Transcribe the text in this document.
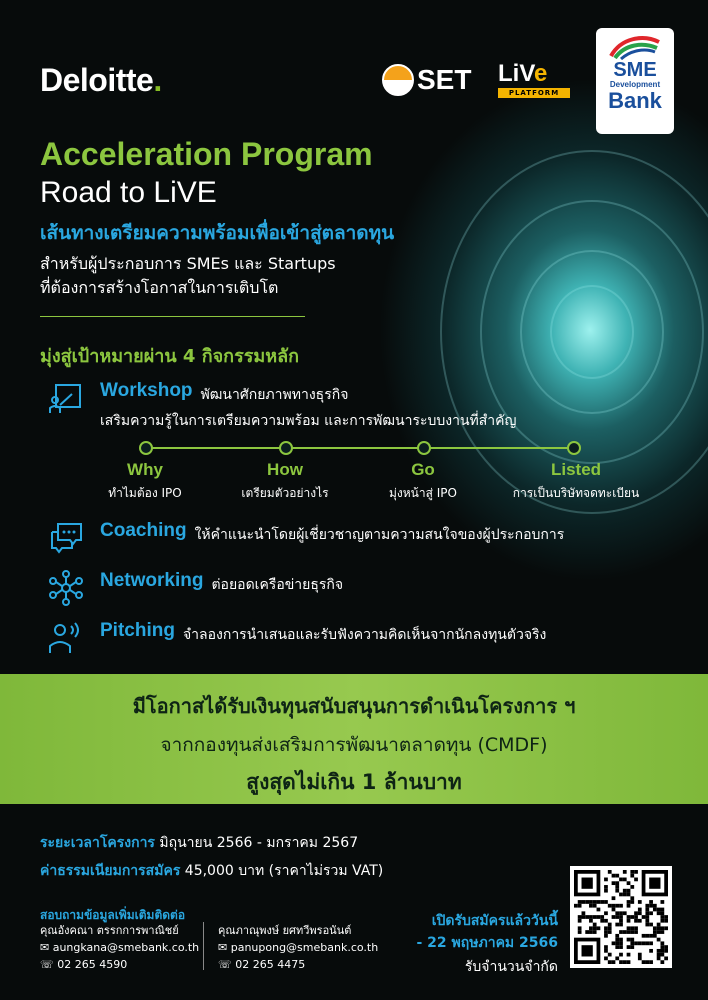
Deloitte.	SET LiVe
PLATFORM
SME
Development
Bank
Acceleration Program
Road to LiVE
เส้นทางเตรียมความพร้อมเพื่อเข้าสู่ตลาดทุน
สำหรับผู้ประกอบการ SMEs และ Startups
ที่ต้องการสร้างโอกาสในการเติบโต
มุ่งสู่เป้าหมายผ่าน 4 กิจกรรมหลัก
Workshop พัฒนาศักยภาพทางธุรกิจ
เสริมความรู้ในการเตรียมความพร้อม และการพัฒนาระบบงานที่สำคัญ
Why
ทำไมต้อง IPO
How
เตรียมตัวอย่างไร
Go
มุ่งหน้าสู่ IPO
Listed
การเป็นบริษัทจดทะเบียน
Coaching ให้คำแนะนำโดยผู้เชี่ยวชาญตามความสนใจของผู้ประกอบการ
Networking ต่อยอดเครือข่ายธุรกิจ
Pitching จำลองการนำเสนอและรับฟังความคิดเห็นจากนักลงทุนตัวจริง
มีโอกาสได้รับเงินทุนสนับสนุนการดำเนินโครงการ ฯ
จากกองทุนส่งเสริมการพัฒนาตลาดทุน (CMDF)
สูงสุดไม่เกิน 1 ล้านบาท
ระยะเวลาโครงการ มิถุนายน 2566 - มกราคม 2567
ค่าธรรมเนียมการสมัคร 45,000 บาท (ราคาไม่รวม VAT)
สอบถามข้อมูลเพิ่มเติมติดต่อ
คุณอังคณา ตรรกการพาณิชย์
✉ aungkana@smebank.co.th
☏ 02 265 4590
คุณภาณุพงษ์ ยศทวีพรอนันต์
✉ panupong@smebank.co.th
☏ 02 265 4475
เปิดรับสมัครแล้ววันนี้
- 22 พฤษภาคม 2566
รับจำนวนจำกัด
